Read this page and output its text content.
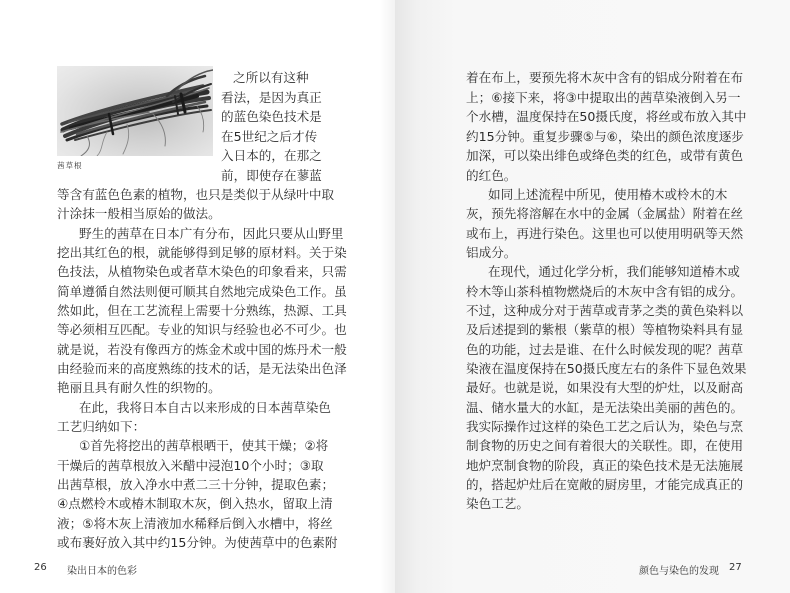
茜草根
之所以有这种
看法，是因为真正
的蓝色染色技术是
在5世纪之后才传
入日本的，在那之
前，即使存在蓼蓝
等含有蓝色色素的植物，也只是类似于从绿叶中取
汁涂抹一般相当原始的做法。
野生的茜草在日本广有分布，因此只要从山野里
挖出其红色的根，就能够得到足够的原材料。关于染
色技法，从植物染色或者草木染色的印象看来，只需
简单遵循自然法则便可顺其自然地完成染色工作。虽
然如此，但在工艺流程上需要十分熟练，热源、工具
等必须相互匹配。专业的知识与经验也必不可少。也
就是说，若没有像西方的炼金术或中国的炼丹术一般
由经验而来的高度熟练的技术的话，是无法染出色泽
艳丽且具有耐久性的织物的。
在此，我将日本自古以来形成的日本茜草染色
工艺归纳如下：
①首先将挖出的茜草根晒干，使其干燥；②将
干燥后的茜草根放入米醋中浸泡10个小时；③取
出茜草根，放入净水中煮二三十分钟，提取色素；
④点燃柃木或椿木制取木灰，倒入热水，留取上清
液；⑤将木灰上清液加水稀释后倒入水槽中，将丝
或布裹好放入其中约15分钟。为使茜草中的色素附
26 染出日本的色彩
着在布上，要预先将木灰中含有的铝成分附着在布
上；⑥接下来，将③中提取出的茜草染液倒入另一
个水槽，温度保持在50摄氏度，将丝或布放入其中
约15分钟。重复步骤⑤与⑥，染出的颜色浓度逐步
加深，可以染出绯色或绛色类的红色，或带有黄色
的红色。
如同上述流程中所见，使用椿木或柃木的木
灰，预先将溶解在水中的金属（金属盐）附着在丝
或布上，再进行染色。这里也可以使用明矾等天然
铝成分。
在现代，通过化学分析，我们能够知道椿木或
柃木等山茶科植物燃烧后的木灰中含有铝的成分。
不过，这种成分对于茜草或青茅之类的黄色染料以
及后述提到的紫根（紫草的根）等植物染料具有显
色的功能，过去是谁、在什么时候发现的呢？茜草
染液在温度保持在50摄氏度左右的条件下显色效果
最好。也就是说，如果没有大型的炉灶，以及耐高
温、储水量大的水缸，是无法染出美丽的茜色的。
我实际操作过这样的染色工艺之后认为，染色与烹
制食物的历史之间有着很大的关联性。即，在使用
地炉烹制食物的阶段，真正的染色技术是无法施展
的，搭起炉灶后在宽敞的厨房里，才能完成真正的
染色工艺。
颜色与染色的发现 27
